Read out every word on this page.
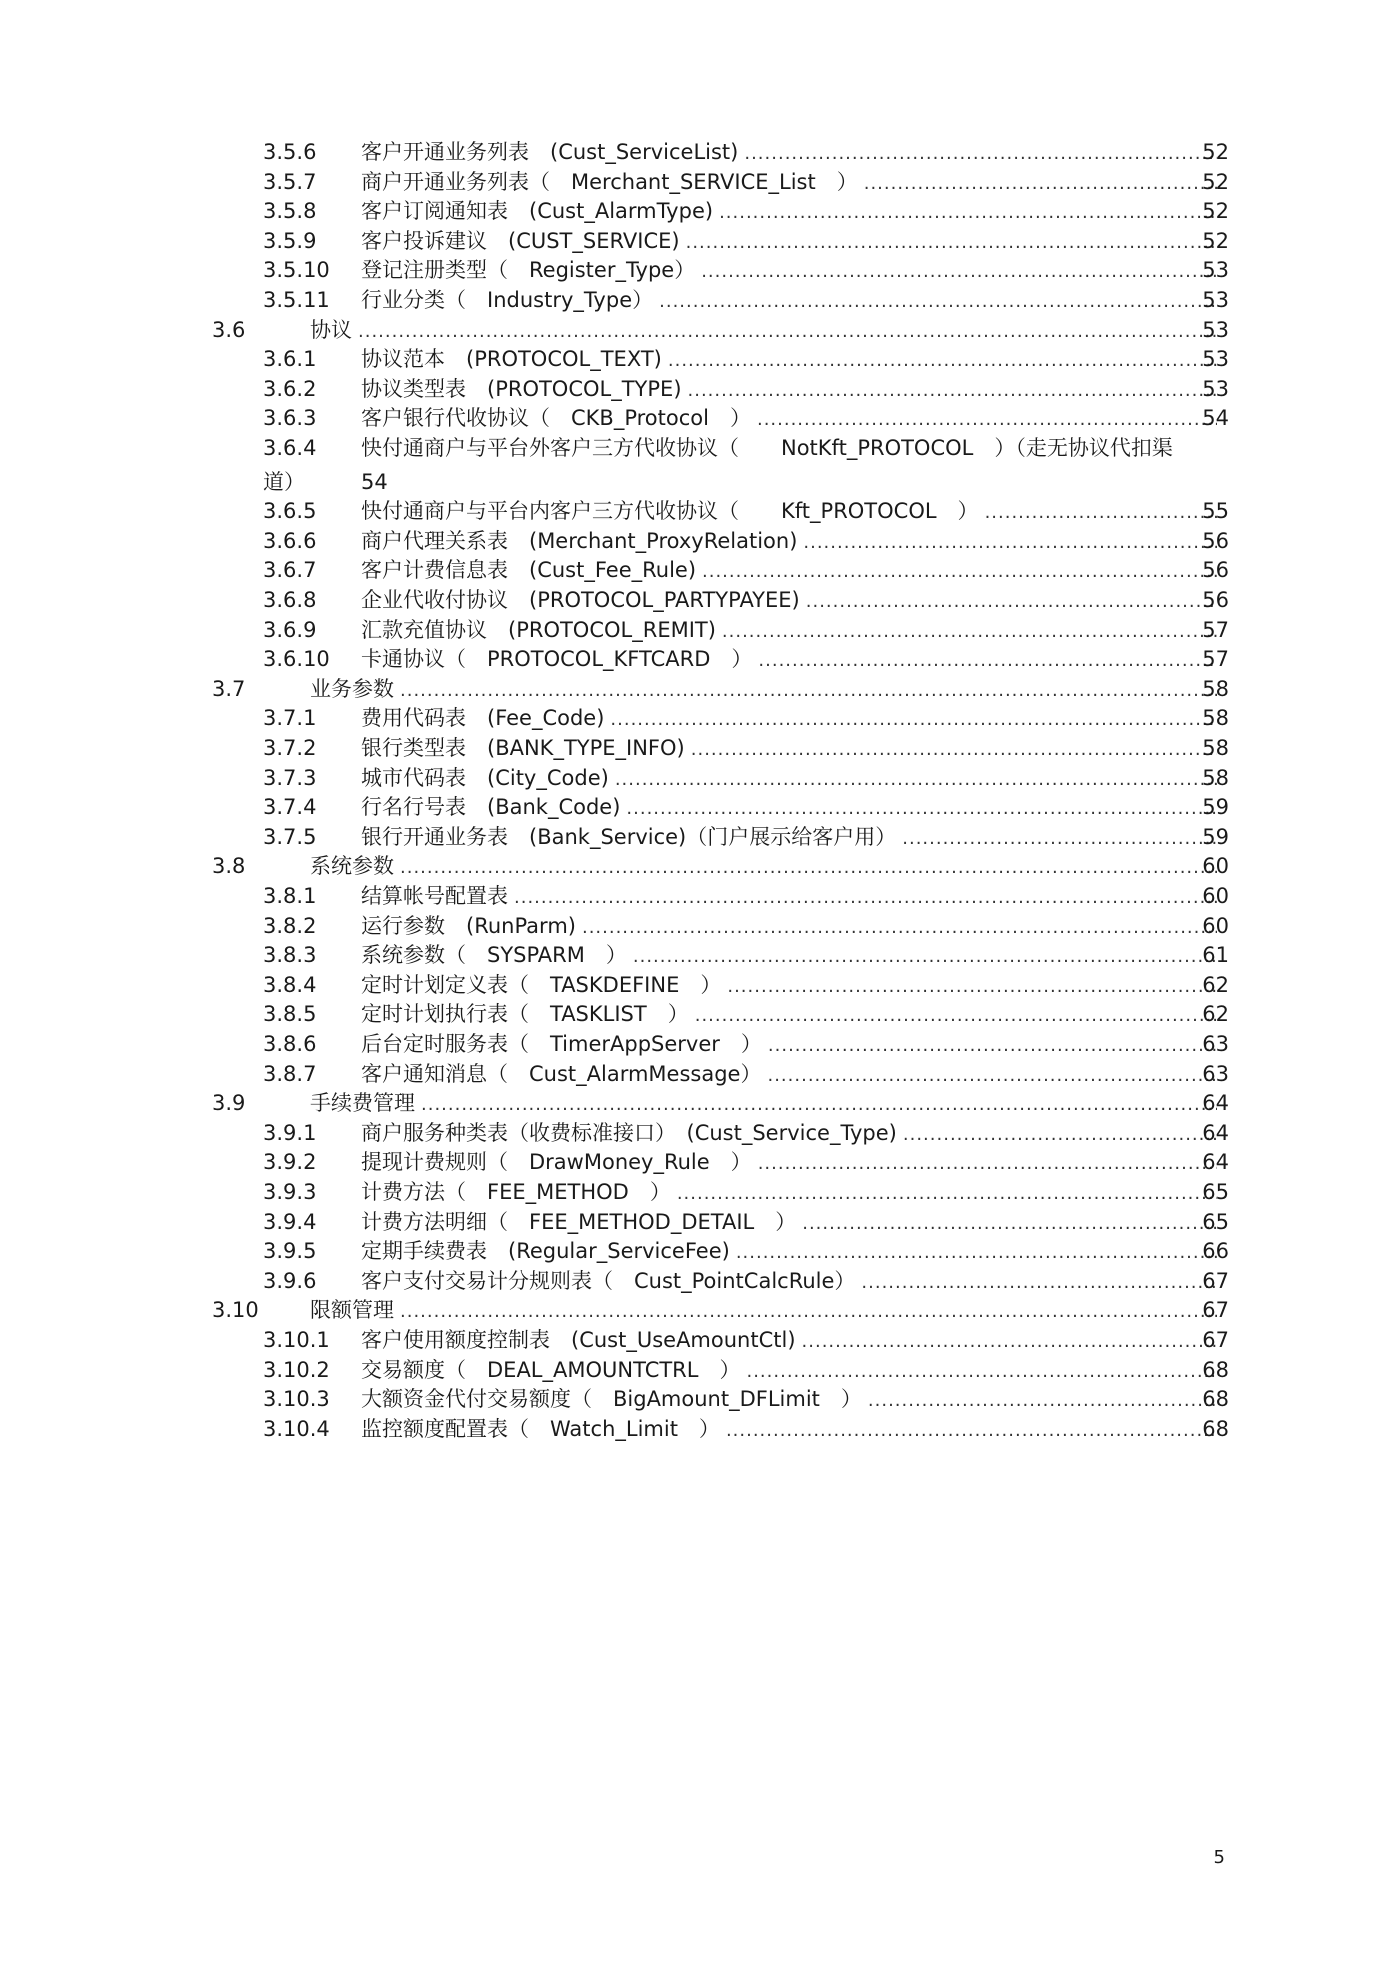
3.5.6 客户开通业务列表　(Cust_ServiceList) .....	52
3.5.7 商户开通业务列表（　Merchant_SERVICE_List　） .....	52
3.5.8 客户订阅通知表　(Cust_AlarmType) .....	52
3.5.9 客户投诉建议　(CUST_SERVICE) .....	52
3.5.10 登记注册类型（　Register_Type） .....	53
3.5.11 行业分类（　Industry_Type） .....	53
3.6	协议 .....	53
3.6.1 协议范本　(PROTOCOL_TEXT) .....	53
3.6.2 协议类型表　(PROTOCOL_TYPE) .....	53
3.6.3 客户银行代收协议（　CKB_Protocol　） .....	54
3.6.4 快付通商户与平台外客户三方代收协议（　　NotKft_PROTOCOL　）（走无协议代扣渠
道）	54
3.6.5 快付通商户与平台内客户三方代收协议（　　Kft_PROTOCOL　） .....	55
3.6.6 商户代理关系表　(Merchant_ProxyRelation) .....	56
3.6.7 客户计费信息表　(Cust_Fee_Rule) .....	56
3.6.8 企业代收付协议　(PROTOCOL_PARTYPAYEE) .....	56
3.6.9 汇款充值协议　(PROTOCOL_REMIT) .....	57
3.6.10 卡通协议（　PROTOCOL_KFTCARD　） .....	57
3.7	业务参数 .....	58
3.7.1 费用代码表　(Fee_Code) .....	58
3.7.2 银行类型表　(BANK_TYPE_INFO) .....	58
3.7.3 城市代码表　(City_Code) .....	58
3.7.4 行名行号表　(Bank_Code) .....	59
3.7.5 银行开通业务表　(Bank_Service)（门户展示给客户用） .....	59
3.8	系统参数 .....	60
3.8.1 结算帐号配置表 .....	60
3.8.2 运行参数　(RunParm) .....	60
3.8.3 系统参数（　SYSPARM　） .....	61
3.8.4 定时计划定义表（　TASKDEFINE　） .....	62
3.8.5 定时计划执行表（　TASKLIST　） .....	62
3.8.6 后台定时服务表（　TimerAppServer　） .....	63
3.8.7 客户通知消息（　Cust_AlarmMessage） .....	63
3.9	手续费管理 .....	64
3.9.1 商户服务种类表（收费标准接口）　(Cust_Service_Type) .....	64
3.9.2 提现计费规则（　DrawMoney_Rule　） .....	64
3.9.3 计费方法（　FEE_METHOD　） .....	65
3.9.4 计费方法明细（　FEE_METHOD_DETAIL　） .....	65
3.9.5 定期手续费表　(Regular_ServiceFee) .....	66
3.9.6 客户支付交易计分规则表（　Cust_PointCalcRule） .....	67
3.10 限额管理 .....	67
3.10.1 客户使用额度控制表　(Cust_UseAmountCtl) .....	67
3.10.2 交易额度（　DEAL_AMOUNTCTRL　） .....	68
3.10.3 大额资金代付交易额度（　BigAmount_DFLimit　） .....	68
3.10.4 监控额度配置表（　Watch_Limit　） .....	68
5
